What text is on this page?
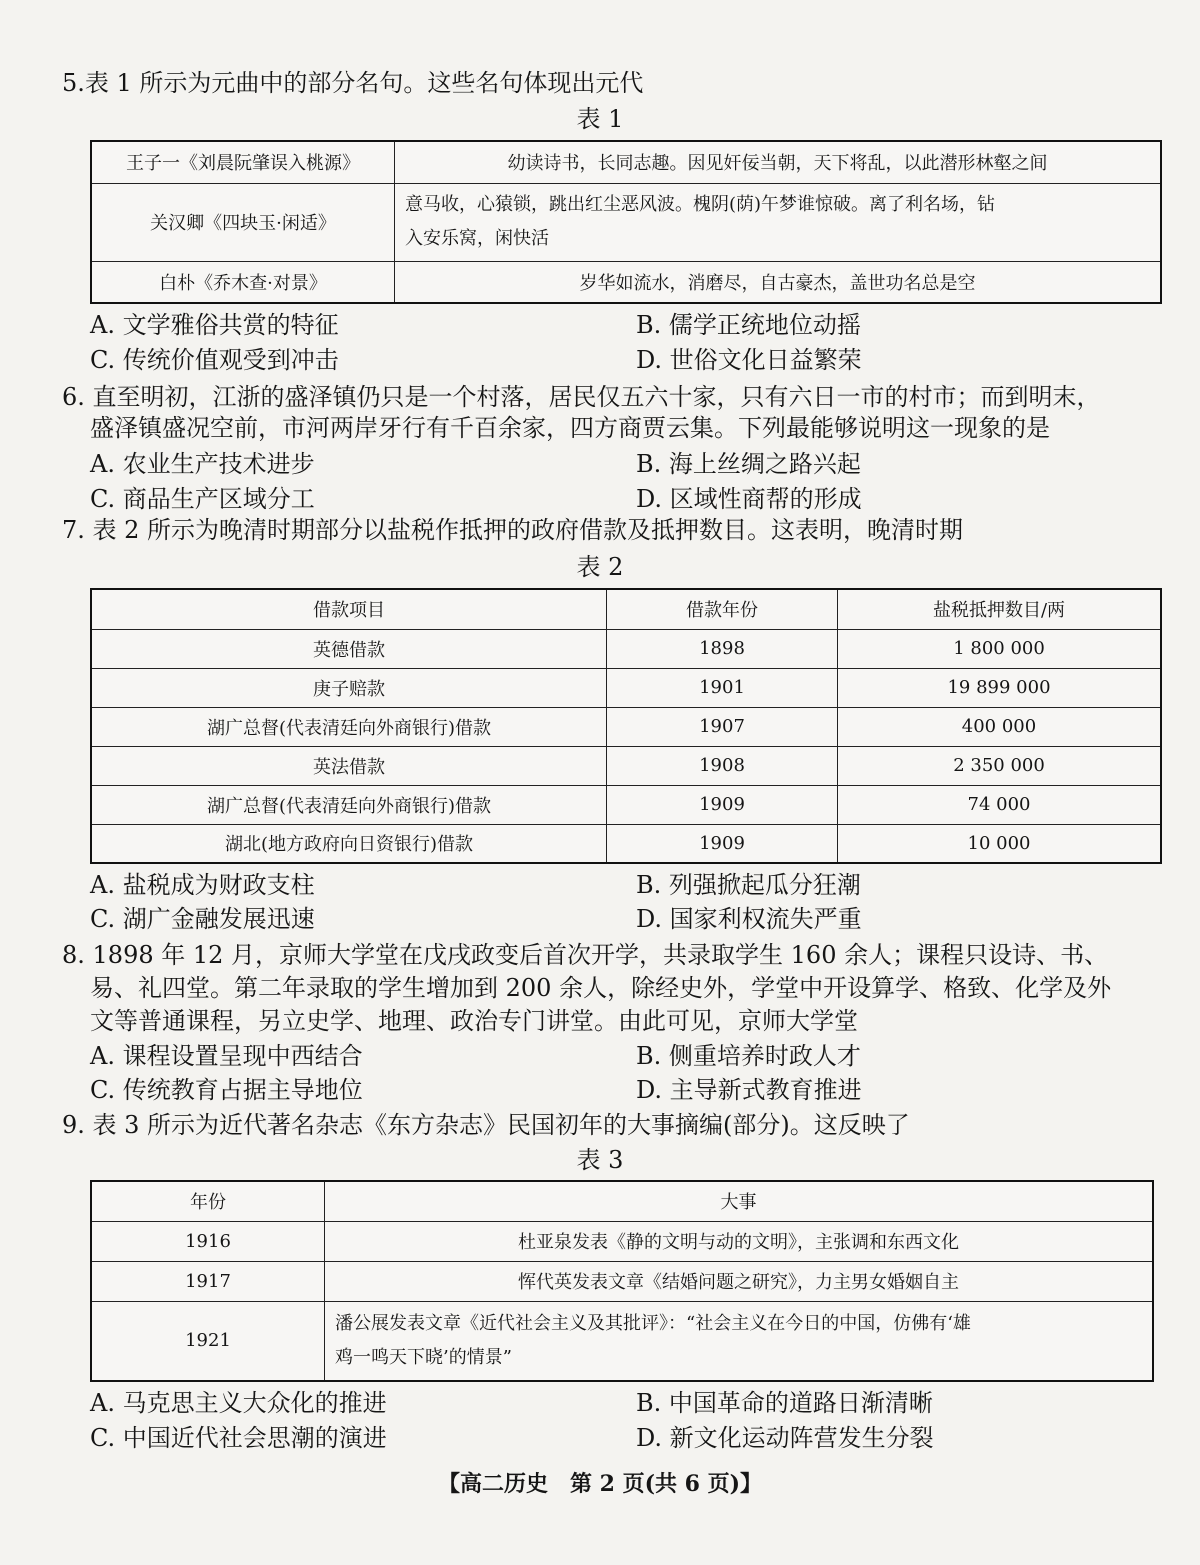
5.表 1 所示为元曲中的部分名句。这些名句体现出元代
表 1
王子一《刘晨阮肇误入桃源》	幼读诗书，长同志趣。因见奸佞当朝，天下将乱，以此潜形林壑之间
关汉卿《四块玉·闲适》	意马收，心猿锁，跳出红尘恶风波。槐阴(荫)午梦谁惊破。离了利名场，钻
入安乐窝，闲快活

白朴《乔木查·对景》	岁华如流水，消磨尽，自古豪杰，盖世功名总是空
A. 文学雅俗共赏的特征	B. 儒学正统地位动摇
C. 传统价值观受到冲击	D. 世俗文化日益繁荣
6. 直至明初，江浙的盛泽镇仍只是一个村落，居民仅五六十家，只有六日一市的村市；而到明末，
盛泽镇盛况空前，市河两岸牙行有千百余家，四方商贾云集。下列最能够说明这一现象的是
A. 农业生产技术进步	B. 海上丝绸之路兴起
C. 商品生产区域分工	D. 区域性商帮的形成
7. 表 2 所示为晚清时期部分以盐税作抵押的政府借款及抵押数目。这表明，晚清时期
表 2
借款项目	借款年份	盐税抵押数目/两
英德借款	1898	1 800 000
庚子赔款	1901	19 899 000
湖广总督(代表清廷向外商银行)借款	1907	400 000
英法借款	1908	2 350 000
湖广总督(代表清廷向外商银行)借款	1909	74 000
湖北(地方政府向日资银行)借款	1909	10 000
A. 盐税成为财政支柱	B. 列强掀起瓜分狂潮
C. 湖广金融发展迅速	D. 国家利权流失严重
8. 1898 年 12 月，京师大学堂在戊戌政变后首次开学，共录取学生 160 余人；课程只设诗、书、
易、礼四堂。第二年录取的学生增加到 200 余人，除经史外，学堂中开设算学、格致、化学及外
文等普通课程，另立史学、地理、政治专门讲堂。由此可见，京师大学堂
A. 课程设置呈现中西结合	B. 侧重培养时政人才
C. 传统教育占据主导地位	D. 主导新式教育推进
9. 表 3 所示为近代著名杂志《东方杂志》民国初年的大事摘编(部分)。这反映了
表 3
年份	大事
1916	杜亚泉发表《静的文明与动的文明》，主张调和东西文化
1917	恽代英发表文章《结婚问题之研究》，力主男女婚姻自主
1921	潘公展发表文章《近代社会主义及其批评》：“社会主义在今日的中国，仿佛有‘雄
鸡一鸣天下晓’的情景”
A. 马克思主义大众化的推进	B. 中国革命的道路日渐清晰
C. 中国近代社会思潮的演进	D. 新文化运动阵营发生分裂
【高二历史　第 2 页(共 6 页)】
